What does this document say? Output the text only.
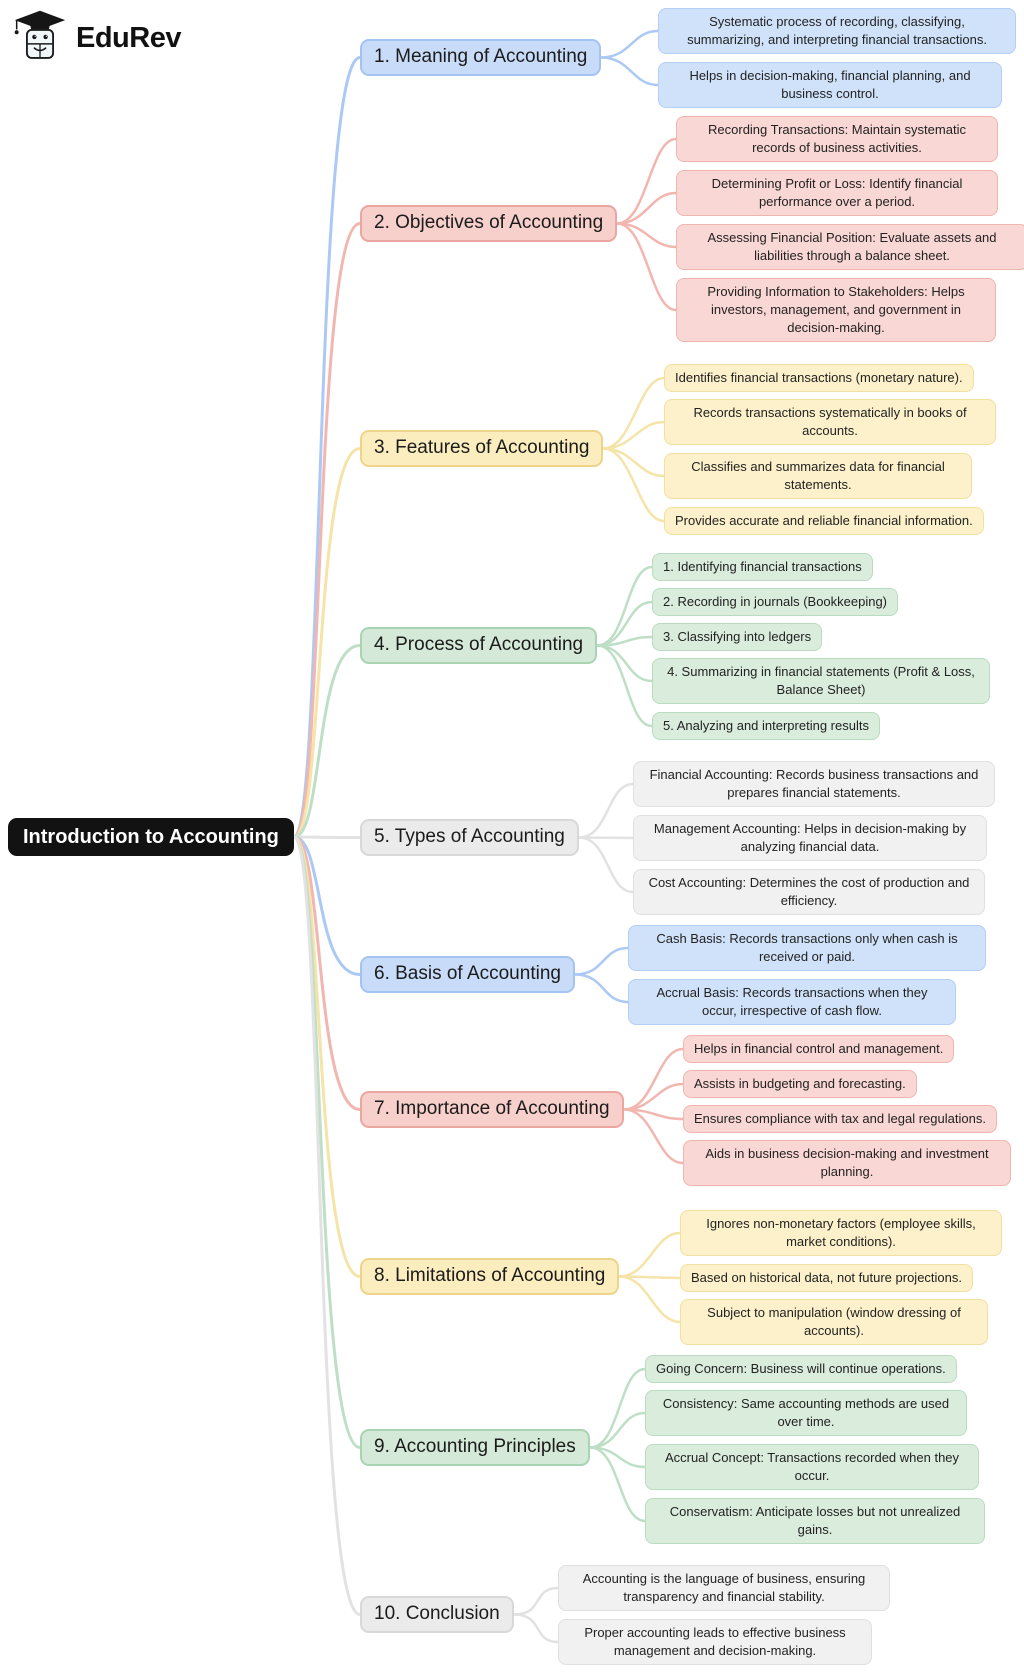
EduRev
Introduction to Accounting
1. Meaning of Accounting
Systematic process of recording, classifying, summarizing, and interpreting financial transactions.
Helps in decision-making, financial planning, and business control.
2. Objectives of Accounting
Recording Transactions: Maintain systematic records of business activities.
Determining Profit or Loss: Identify financial performance over a period.
Assessing Financial Position: Evaluate assets and liabilities through a balance sheet.
Providing Information to Stakeholders: Helps investors, management, and government in decision-making.
3. Features of Accounting
Identifies financial transactions (monetary nature).
Records transactions systematically in books of accounts.
Classifies and summarizes data for financial statements.
Provides accurate and reliable financial information.
4. Process of Accounting
1. Identifying financial transactions
2. Recording in journals (Bookkeeping)
3. Classifying into ledgers
4. Summarizing in financial statements (Profit & Loss, Balance Sheet)
5. Analyzing and interpreting results
5. Types of Accounting
Financial Accounting: Records business transactions and prepares financial statements.
Management Accounting: Helps in decision-making by analyzing financial data.
Cost Accounting: Determines the cost of production and efficiency.
6. Basis of Accounting
Cash Basis: Records transactions only when cash is received or paid.
Accrual Basis: Records transactions when they occur, irrespective of cash flow.
7. Importance of Accounting
Helps in financial control and management.
Assists in budgeting and forecasting.
Ensures compliance with tax and legal regulations.
Aids in business decision-making and investment planning.
8. Limitations of Accounting
Ignores non-monetary factors (employee skills, market conditions).
Based on historical data, not future projections.
Subject to manipulation (window dressing of accounts).
9. Accounting Principles
Going Concern: Business will continue operations.
Consistency: Same accounting methods are used over time.
Accrual Concept: Transactions recorded when they occur.
Conservatism: Anticipate losses but not unrealized gains.
10. Conclusion
Accounting is the language of business, ensuring transparency and financial stability.
Proper accounting leads to effective business management and decision-making.
